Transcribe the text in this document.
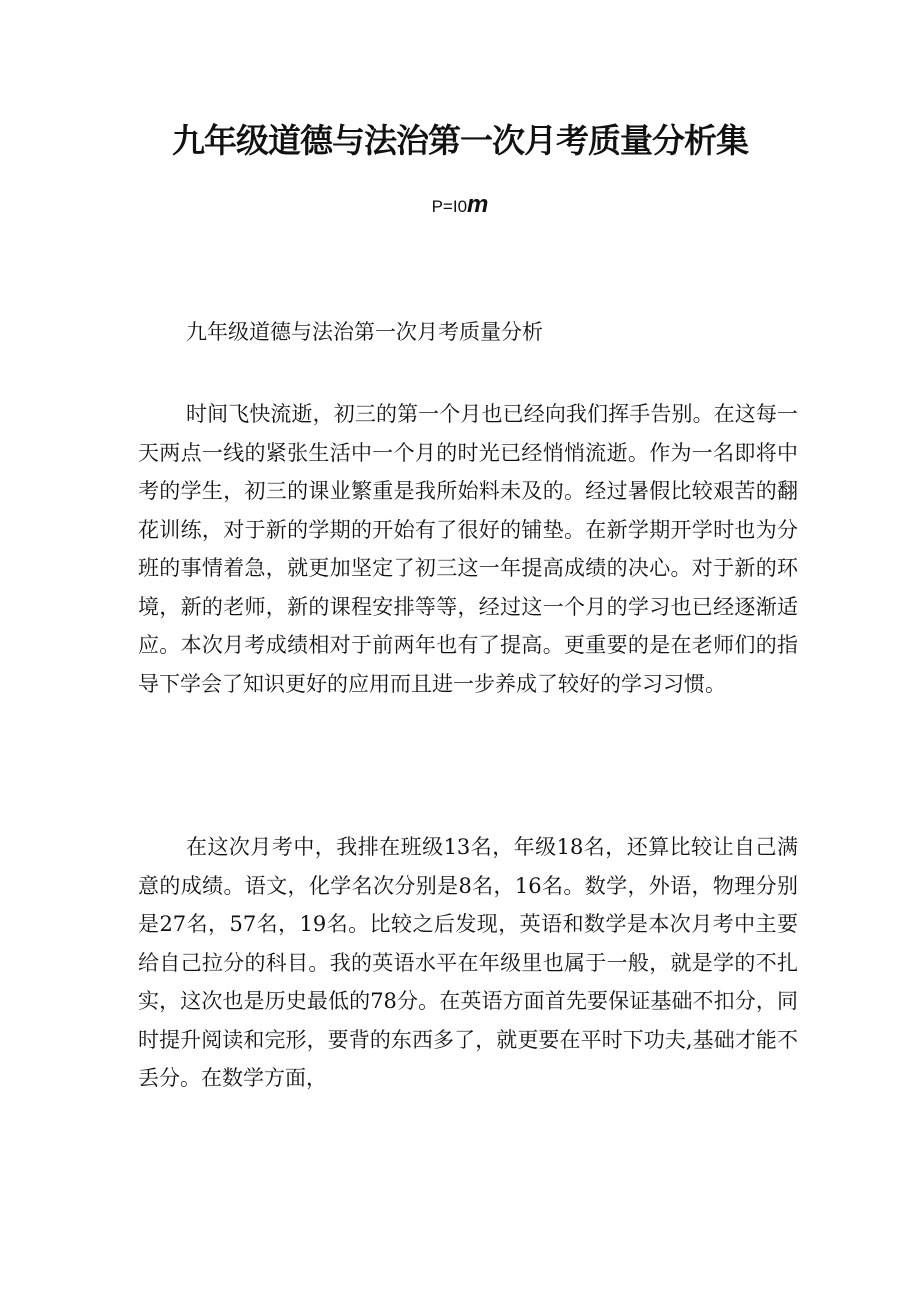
九年级道德与法治第一次月考质量分析集
P=I0m
九年级道德与法治第一次月考质量分析

时间飞快流逝，初三的第一个月也已经向我们挥手告别。在这每一天两点一线的紧张生活中一个月的时光已经悄悄流逝。作为一名即将中考的学生，初三的课业繁重是我所始料未及的。经过暑假比较艰苦的翻花训练，对于新的学期的开始有了很好的铺垫。在新学期开学时也为分班的事情着急，就更加坚定了初三这一年提高成绩的决心。对于新的环境，新的老师，新的课程安排等等，经过这一个月的学习也已经逐渐适应。本次月考成绩相对于前两年也有了提高。更重要的是在老师们的指导下学会了知识更好的应用而且进一步养成了较好的学习习惯。

在这次月考中，我排在班级13名，年级18名，还算比较让自己满意的成绩。语文，化学名次分别是8名，16名。数学，外语，物理分别是27名，57名，19名。比较之后发现，英语和数学是本次月考中主要给自己拉分的科目。我的英语水平在年级里也属于一般，就是学的不扎实，这次也是历史最低的78分。在英语方面首先要保证基础不扣分，同时提升阅读和完形，要背的东西多了，就更要在平时下功夫,基础才能不丢分。在数学方面，
